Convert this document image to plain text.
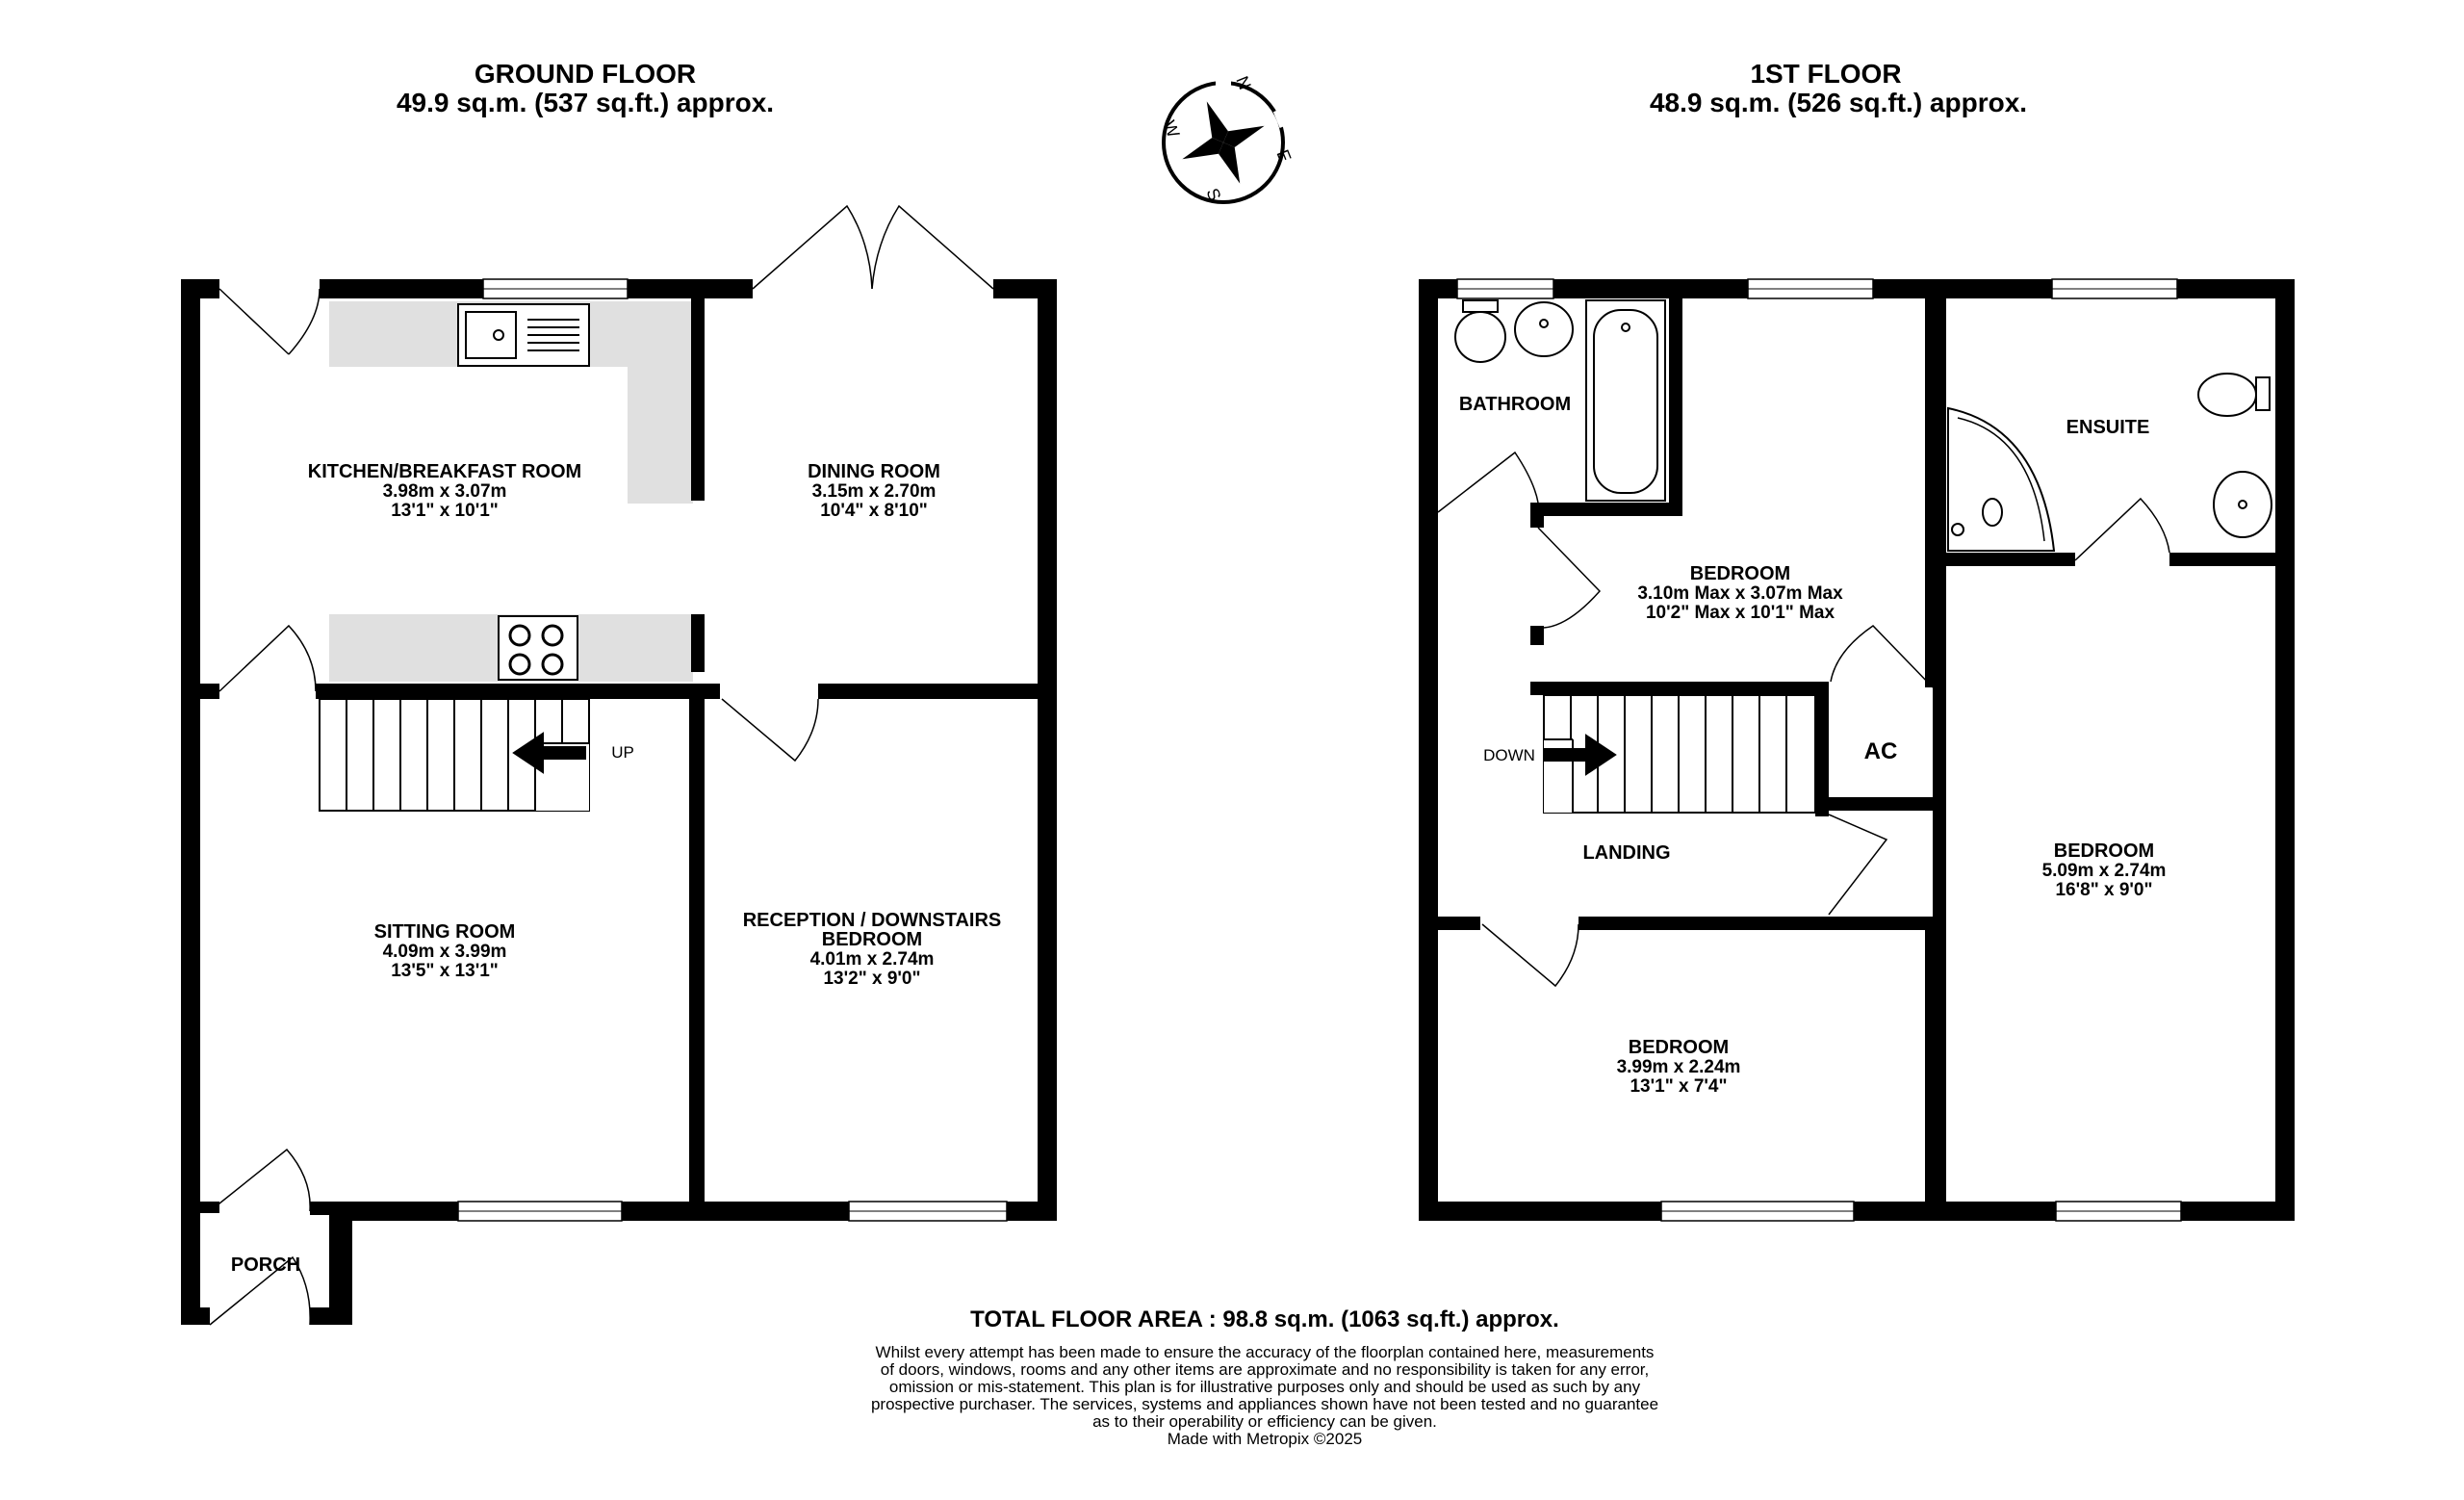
GROUND FLOOR
49.9 sq.m. (537 sq.ft.) approx.
1ST FLOOR
48.9 sq.m. (526 sq.ft.) approx.
N
E
S
W
UP
KITCHEN/BREAKFAST ROOM
3.98m x 3.07m
13'1" x 10'1"
DINING ROOM
3.15m x 2.70m
10'4" x 8'10"
SITTING ROOM
4.09m x 3.99m
13'5" x 13'1"
RECEPTION / DOWNSTAIRS
BEDROOM
4.01m x 2.74m
13'2" x 9'0"
PORCH
DOWN
BATHROOM
ENSUITE
BEDROOM
3.10m Max x 3.07m Max
10'2" Max x 10'1" Max
AC
LANDING	BEDROOM
5.09m x 2.74m
16'8" x 9'0"
BEDROOM
3.99m x 2.24m
13'1" x 7'4"
TOTAL FLOOR AREA : 98.8 sq.m. (1063 sq.ft.) approx.
Whilst every attempt has been made to ensure the accuracy of the floorplan contained here, measurements
of doors, windows, rooms and any other items are approximate and no responsibility is taken for any error,
omission or mis-statement. This plan is for illustrative purposes only and should be used as such by any
prospective purchaser. The services, systems and appliances shown have not been tested and no guarantee
as to their operability or efficiency can be given.
Made with Metropix ©2025
